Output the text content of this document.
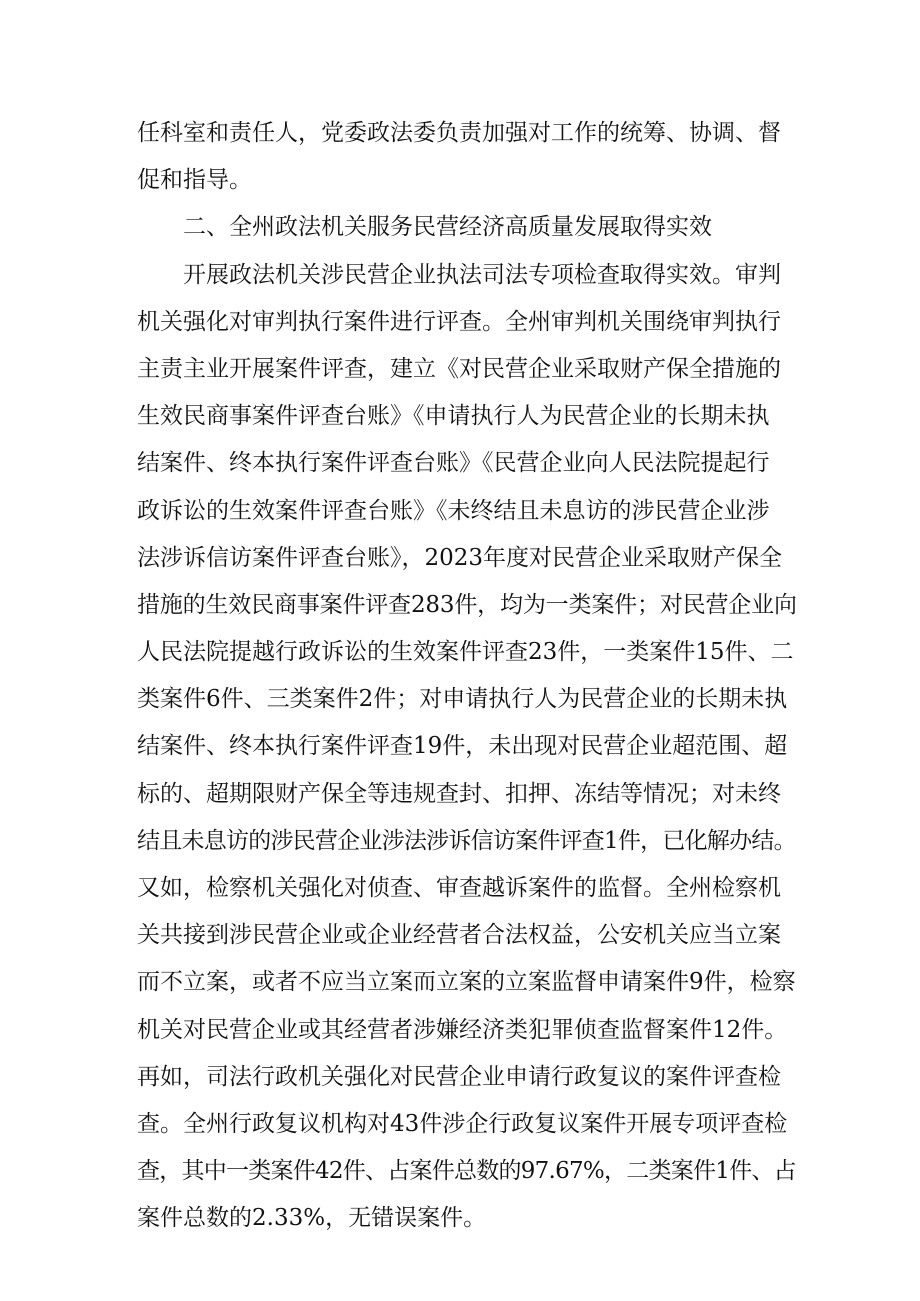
任科室和责任人，党委政法委负责加强对工作的统筹、协调、督
促和指导。
二、全州政法机关服务民营经济高质量发展取得实效
开展政法机关涉民营企业执法司法专项检查取得实效。审判
机关强化对审判执行案件进行评查。全州审判机关围绕审判执行
主责主业开展案件评查，建立《对民营企业采取财产保全措施的
生效民商事案件评查台账》《申请执行人为民营企业的长期未执
结案件、终本执行案件评查台账》《民营企业向人民法院提起行
政诉讼的生效案件评查台账》《未终结且未息访的涉民营企业涉
法涉诉信访案件评查台账》，2023年度对民营企业采取财产保全
措施的生效民商事案件评查283件，均为一类案件；对民营企业向
人民法院提越行政诉讼的生效案件评查23件，一类案件15件、二
类案件6件、三类案件2件；对申请执行人为民营企业的长期未执
结案件、终本执行案件评查19件，未出现对民营企业超范围、超
标的、超期限财产保全等违规查封、扣押、冻结等情况；对未终
结且未息访的涉民营企业涉法涉诉信访案件评查1件，已化解办结。
又如，检察机关强化对侦查、审查越诉案件的监督。全州检察机
关共接到涉民营企业或企业经营者合法权益，公安机关应当立案
而不立案，或者不应当立案而立案的立案监督申请案件9件，检察
机关对民营企业或其经营者涉嫌经济类犯罪侦查监督案件12件。
再如，司法行政机关强化对民营企业申请行政复议的案件评查检
查。全州行政复议机构对43件涉企行政复议案件开展专项评查检
查，其中一类案件42件、占案件总数的97.67%，二类案件1件、占
案件总数的2.33%，无错误案件。
